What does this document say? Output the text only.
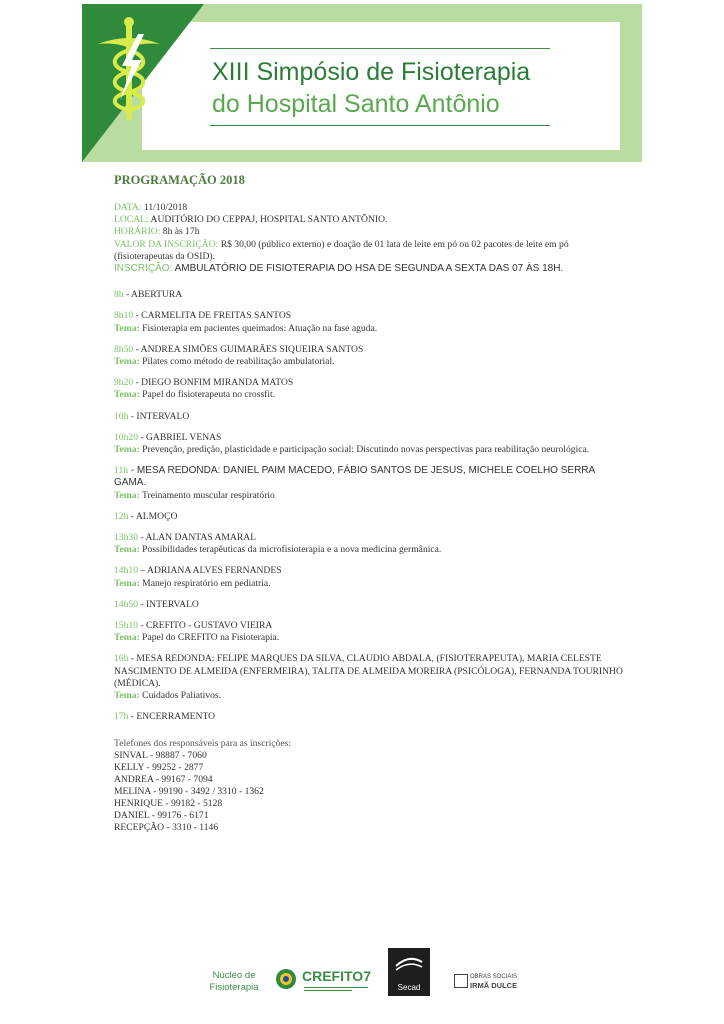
XIII Simpósio de Fisioterapia
do Hospital Santo Antônio
PROGRAMAÇÃO 2018
DATA: 11/10/2018
LOCAL: AUDITÓRIO DO CEPPAJ, HOSPITAL SANTO ANTÔNIO.
HORÁRIO: 8h às 17h
VALOR DA INSCRIÇÃO: R$ 30,00 (público externo) e doação de 01 lata de leite em pó ou 02 pacotes de leite em pó (fisioterapeutas da OSID).
INSCRIÇÃO: AMBULATÓRIO DE FISIOTERAPIA DO HSA DE SEGUNDA A SEXTA DAS 07 ÀS 18H.
8h - ABERTURA
8h10 - CARMELITA DE FREITAS SANTOS
Tema: Fisioterapia em pacientes queimados: Atuação na fase aguda.
8h50 - ANDREA SIMÕES GUIMARÃES SIQUEIRA SANTOS
Tema: Pilates como método de reabilitação ambulatorial.
9h20 - DIEGO BONFIM MIRANDA MATOS
Tema: Papel do fisioterapeuta no crossfit.
10h - INTERVALO
10h20 - GABRIEL VENAS
Tema: Prevenção, predição, plasticidade e participação social: Discutindo novas perspectivas para reabilitação neurológica.
11h - MESA REDONDA: DANIEL PAIM MACEDO, FÁBIO SANTOS DE JESUS, MICHELE COELHO SERRA GAMA.
Tema: Treinamento muscular respiratório
12h - ALMOÇO
13h30 - ALAN DANTAS AMARAL
Tema: Possibilidades terapêuticas da microfisioterapia e a nova medicina germânica.
14h10 – ADRIANA ALVES FERNANDES
Tema: Manejo respiratório em pediatria.
14h50 - INTERVALO
15h10 - CREFITO - GUSTAVO VIEIRA
Tema: Papel do CREFITO na Fisioterapia.
16h - MESA REDONDA: FELIPE MARQUES DA SILVA, CLAUDIO ABDALA, (FISIOTERAPEUTA), MARIA CELESTE NASCIMENTO DE ALMEIDA (ENFERMEIRA), TALITA DE ALMEIDA MOREIRA (PSICÓLOGA), FERNANDA TOURINHO (MÉDICA).
Tema: Cuidados Paliativos.
17h - ENCERRAMENTO
Telefones dos responsáveis para as inscrições:
SINVAL - 98887 - 7060
KELLY - 99252 - 2877
ANDREA - 99167 - 7094
MELINA - 99190 - 3492 / 3310 - 1362
HENRIQUE - 99182 - 5128
DANIEL - 99176 - 6171
RECEPÇÃO - 3310 - 1146
Núcleo de
Fisioterapia
CREFITO7
Secad
OBRAS SOCIAIS
IRMÃ DULCE
